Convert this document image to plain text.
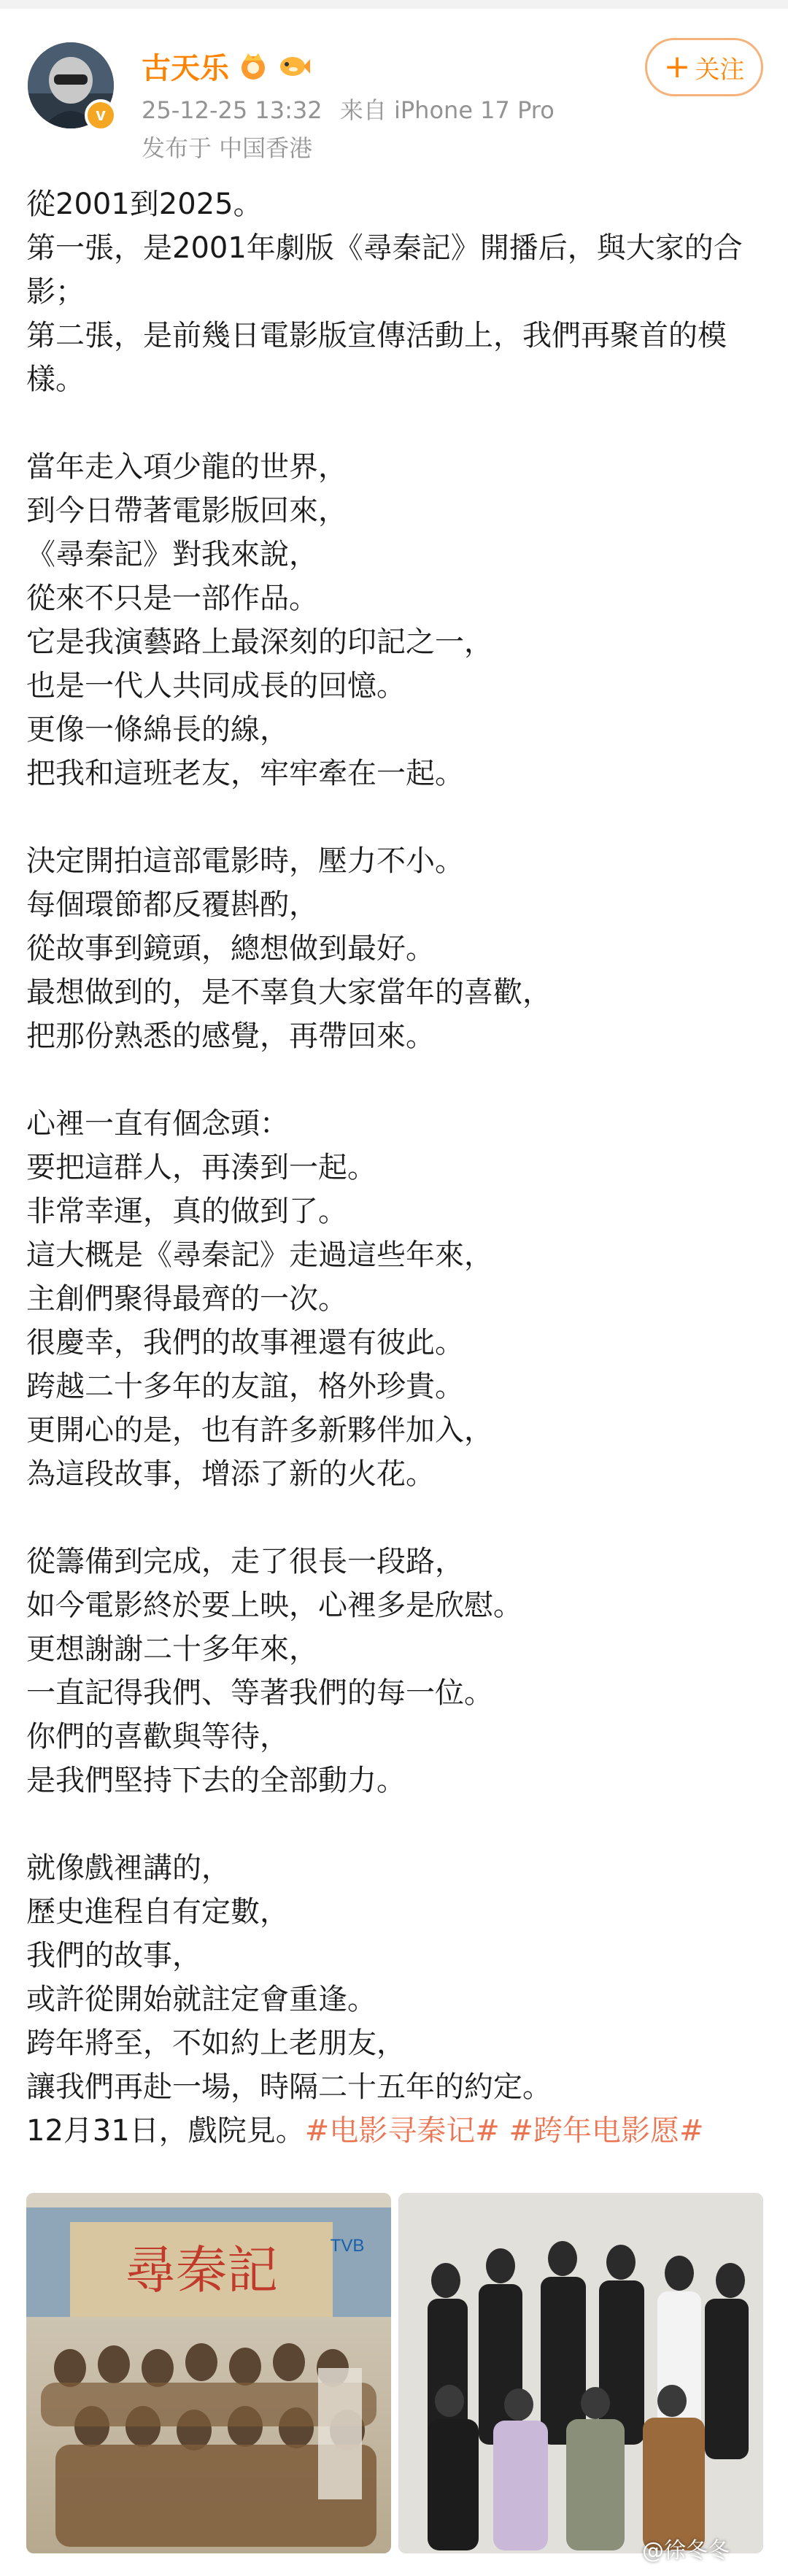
v
古天乐
25-12-25 13:32 来自 iPhone 17 Pro
发布于 中国香港
+ 关注

從2001到2025。

第一張，是2001年劇版《尋秦記》開播后，與大家的合影；

第二張，是前幾日電影版宣傳活動上，我們再聚首的模樣。

當年走入項少龍的世界，

到今日帶著電影版回來，

《尋秦記》對我來說，

從來不只是一部作品。

它是我演藝路上最深刻的印記之一，

也是一代人共同成長的回憶。

更像一條綿長的線，

把我和這班老友，牢牢牽在一起。

決定開拍這部電影時，壓力不小。

每個環節都反覆斟酌，

從故事到鏡頭，總想做到最好。

最想做到的，是不辜負大家當年的喜歡，

把那份熟悉的感覺，再帶回來。

心裡一直有個念頭：

要把這群人，再湊到一起。

非常幸運，真的做到了。

這大概是《尋秦記》走過這些年來，

主創們聚得最齊的一次。

很慶幸，我們的故事裡還有彼此。

跨越二十多年的友誼，格外珍貴。

更開心的是，也有許多新夥伴加入，

為這段故事，增添了新的火花。

從籌備到完成，走了很長一段路，

如今電影終於要上映，心裡多是欣慰。

更想謝謝二十多年來，

一直記得我們、等著我們的每一位。

你們的喜歡與等待，

是我們堅持下去的全部動力。

就像戲裡講的，

歷史進程自有定數，

我們的故事，

或許從開始就註定會重逢。

跨年將至，不如約上老朋友，

讓我們再赴一場，時隔二十五年的約定。

12月31日，戲院見。#电影寻秦记# #跨年电影愿#

尋秦記	TVB
@徐冬冬
